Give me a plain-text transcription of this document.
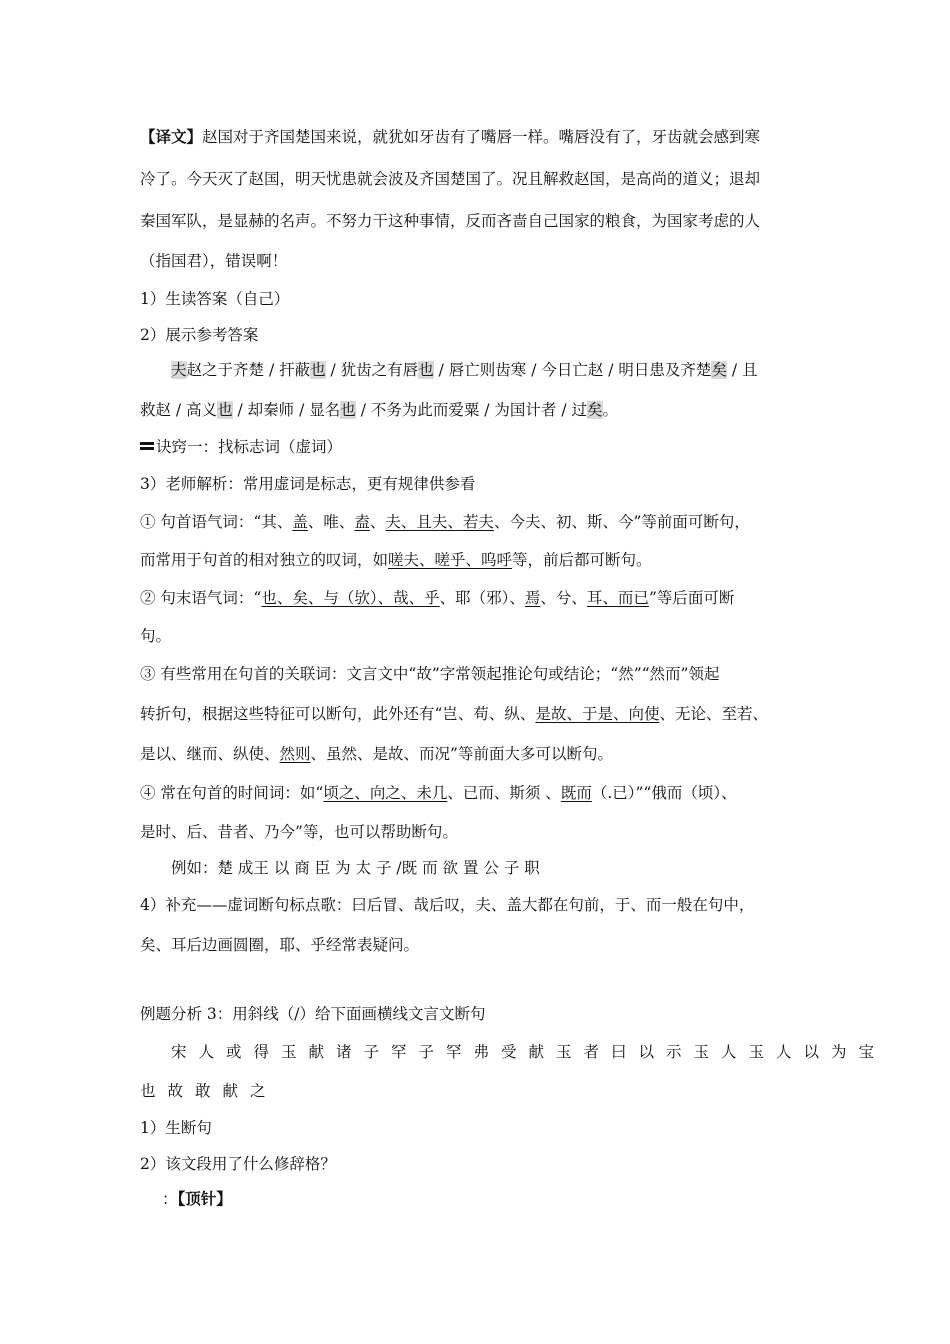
【译文】赵国对于齐国楚国来说，就犹如牙齿有了嘴唇一样。嘴唇没有了，牙齿就会感到寒
冷了。今天灭了赵国，明天忧患就会波及齐国楚国了。况且解救赵国，是高尚的道义；退却
秦国军队，是显赫的名声。不努力干这种事情，反而吝啬自己国家的粮食，为国家考虑的人
（指国君），错误啊！
1）生读答案（自己）
2）展示参考答案
夫赵之于齐楚 / 扞蔽也 / 犹齿之有唇也 / 唇亡则齿寒 / 今日亡赵 / 明日患及齐楚矣 / 且
救赵 / 高义也 / 却秦师 / 显名也 / 不务为此而爱粟 / 为国计者 / 过矣。
诀窍一：找标志词（虚词）
3）老师解析：常用虚词是标志，更有规律供参看
① 句首语气词：“其、盖、唯、盍、夫、且夫、若夫、今夫、初、斯、今”等前面可断句，
而常用于句首的相对独立的叹词，如嗟夫、嗟乎、呜呼等，前后都可断句。
② 句末语气词：“也、矣、与（欤）、哉、乎、耶（邪）、焉、兮、耳、而已”等后面可断
句。
③ 有些常用在句首的关联词：文言文中“故”字常领起推论句或结论；“然”“然而”领起
转折句，根据这些特征可以断句，此外还有“岂、苟、纵、是故、于是、向使、无论、至若、
是以、继而、纵使、然则、虽然、是故、而况”等前面大多可以断句。
④ 常在句首的时间词：如“顷之、向之、未几、已而、斯须 、既而（.已）”“俄而（顷）、
是时、后、昔者、乃今”等，也可以帮助断句。
例如：楚 成王 以 商 臣 为 太 子 /既 而 欲 置 公 子 职
4）补充——虚词断句标点歌：曰后冒、哉后叹，夫、盖大都在句前，于、而一般在句中，
矣、耳后边画圆圈，耶、乎经常表疑问。
例题分析 3：用斜线（/）给下面画横线文言文断句
宋人或得玉献诸子罕子罕弗受献玉者曰以示玉人玉人以为宝
也故敢献之
1）生断句
2）该文段用了什么修辞格？
：【顶针】
